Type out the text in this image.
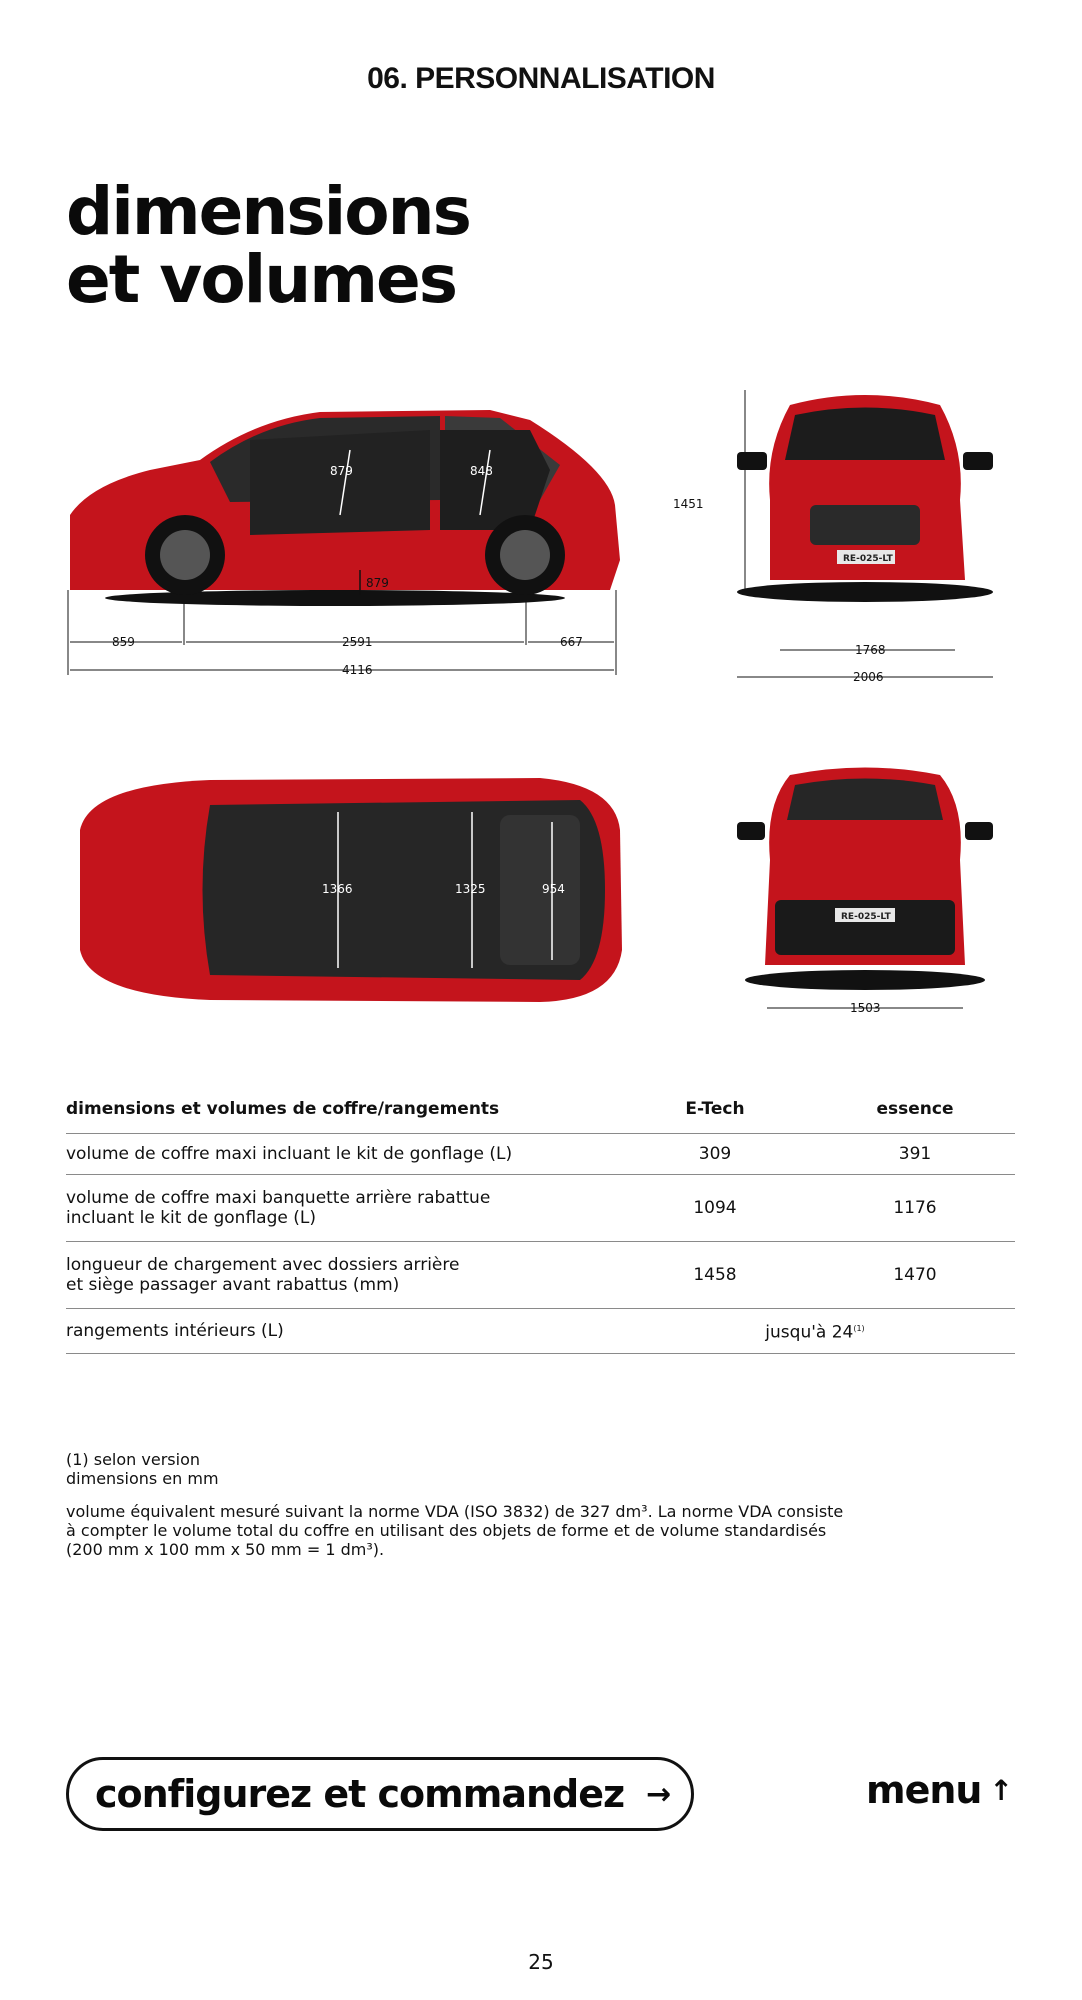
06. PERSONNALISATION
dimensions
et volumes
879	848
879
859	2591	667
4116
RE-025-LT
1451
1768
2006
1366	1325	954
RE-025-LT
1503
dimensions et volumes de coffre/rangements	E-Tech	essence
volume de coffre maxi incluant le kit de gonflage (L)	309	391
volume de coffre maxi banquette arrière rabattue
incluant le kit de gonflage (L)	1094	1176
longueur de chargement avec dossiers arrière
et siège passager avant rabattus (mm)	1458	1470
rangements intérieurs (L)	jusqu'à 24$^{(1)}$

(1) selon version

dimensions en mm

volume équivalent mesuré suivant la norme VDA (ISO 3832) de 327 dm³. La norme VDA consiste

à compter le volume total du coffre en utilisant des objets de forme et de volume standardisés

(200 mm x 100 mm x 50 mm = 1 dm³).

configurez et commandez →	menu ↑
25
